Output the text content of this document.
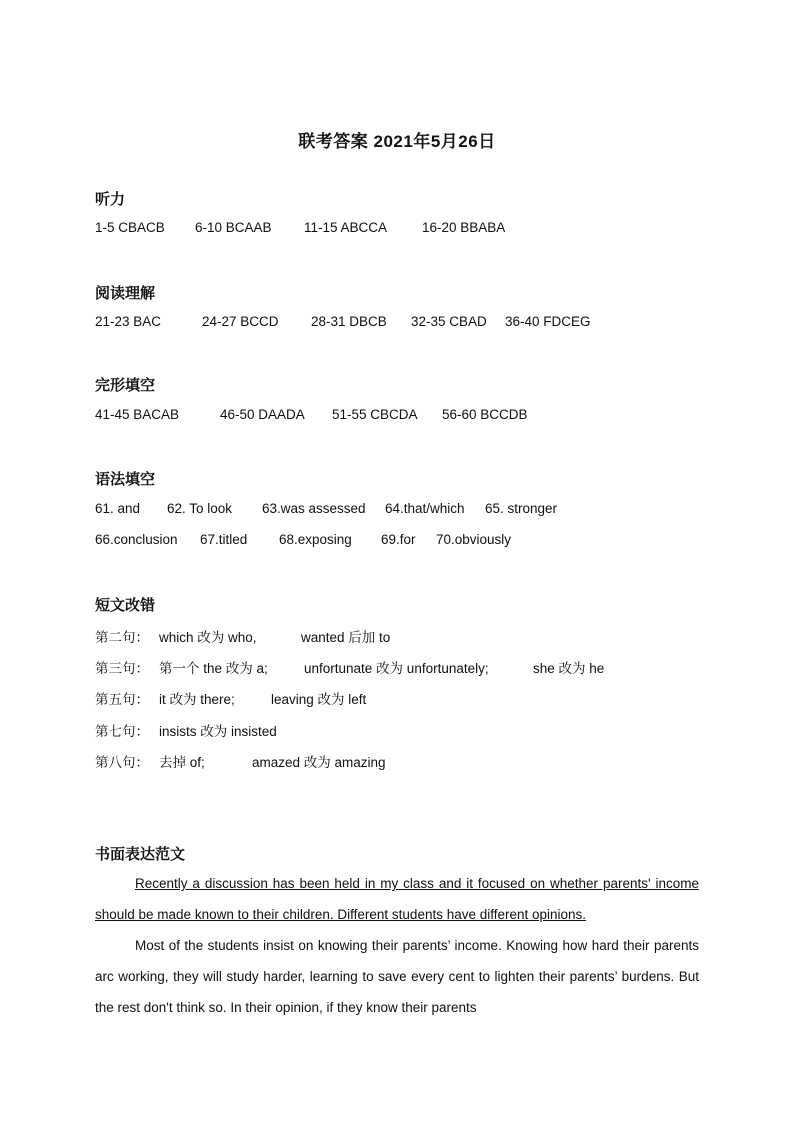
联考答案 2021年5月26日
听力
1-5 CBACB 6-10 BCAAB 11-15 ABCCA	16-20 BBABA
阅读理解
21-23 BAC	24-27 BCCD 28-31 DBCB 32-35 CBAD 36-40 FDCEG
完形填空
41-45 BACAB	46-50 DAADA 51-55 CBCDA 56-60 BCCDB
语法填空
61. and 62. To look 63.was assessed 64.that/which 65. stronger
66.conclusion 67.titled 68.exposing 69.for 70.obviously
短文改错
第二句： which 改为 who,	wanted 后加 to
第三句： 第一个 the 改为 a;	unfortunate 改为 unfortunately;	she 改为 he
第五句： it 改为 there;	leaving 改为 left
第七句： insists 改为 insisted
第八句： 去掉 of;	amazed 改为 amazing
书面表达范文

Recently a discussion has been held in my class and it focused on whether parents' income should be made known to their children. Different students have different opinions.

Most of the students insist on knowing their parents’ income. Knowing how hard their parents arc working, they will study harder, learning to save every cent to lighten their parents’ burdens. But the rest don't think so. In their opinion, if they know their parents
